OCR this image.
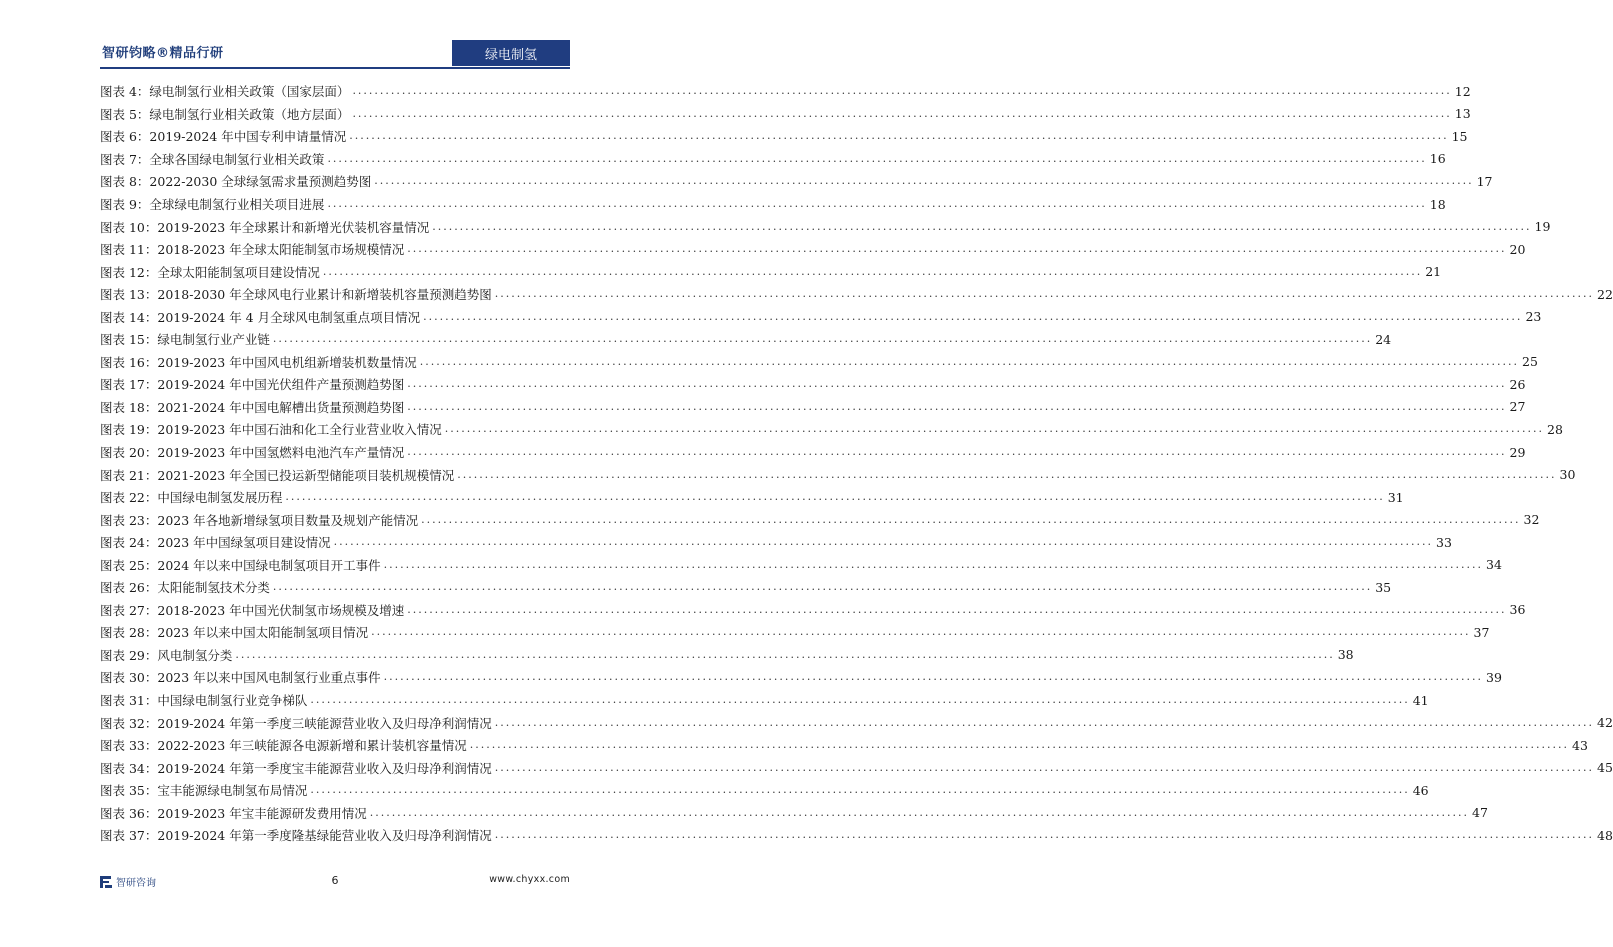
智研钧略®精品行研	绿电制氢
图表 4：绿电制氢行业相关政策（国家层面） ........................................................................................................................................................................................................ 12
图表 5：绿电制氢行业相关政策（地方层面） ........................................................................................................................................................................................................ 13
图表 6：2019-2024 年中国专利申请量情况 ........................................................................................................................................................................................................ 15
图表 7：全球各国绿电制氢行业相关政策 ........................................................................................................................................................................................................ 16
图表 8：2022-2030 全球绿氢需求量预测趋势图 ........................................................................................................................................................................................................ 17
图表 9：全球绿电制氢行业相关项目进展 ........................................................................................................................................................................................................ 18
图表 10：2019-2023 年全球累计和新增光伏装机容量情况 ........................................................................................................................................................................................................ 19
图表 11：2018-2023 年全球太阳能制氢市场规模情况 ........................................................................................................................................................................................................ 20
图表 12：全球太阳能制氢项目建设情况 ........................................................................................................................................................................................................ 21
图表 13：2018-2030 年全球风电行业累计和新增装机容量预测趋势图 ........................................................................................................................................................................................................ 22
图表 14：2019-2024 年 4 月全球风电制氢重点项目情况 ........................................................................................................................................................................................................ 23
图表 15：绿电制氢行业产业链 ........................................................................................................................................................................................................ 24
图表 16：2019-2023 年中国风电机组新增装机数量情况 ........................................................................................................................................................................................................ 25
图表 17：2019-2024 年中国光伏组件产量预测趋势图 ........................................................................................................................................................................................................ 26
图表 18：2021-2024 年中国电解槽出货量预测趋势图 ........................................................................................................................................................................................................ 27
图表 19：2019-2023 年中国石油和化工全行业营业收入情况 ........................................................................................................................................................................................................ 28
图表 20：2019-2023 年中国氢燃料电池汽车产量情况 ........................................................................................................................................................................................................ 29
图表 21：2021-2023 年全国已投运新型储能项目装机规模情况 ........................................................................................................................................................................................................ 30
图表 22：中国绿电制氢发展历程 ........................................................................................................................................................................................................ 31
图表 23：2023 年各地新增绿氢项目数量及规划产能情况 ........................................................................................................................................................................................................ 32
图表 24：2023 年中国绿氢项目建设情况 ........................................................................................................................................................................................................ 33
图表 25：2024 年以来中国绿电制氢项目开工事件 ........................................................................................................................................................................................................ 34
图表 26：太阳能制氢技术分类 ........................................................................................................................................................................................................ 35
图表 27：2018-2023 年中国光伏制氢市场规模及增速 ........................................................................................................................................................................................................ 36
图表 28：2023 年以来中国太阳能制氢项目情况 ........................................................................................................................................................................................................ 37
图表 29：风电制氢分类 ........................................................................................................................................................................................................ 38
图表 30：2023 年以来中国风电制氢行业重点事件 ........................................................................................................................................................................................................ 39
图表 31：中国绿电制氢行业竞争梯队 ........................................................................................................................................................................................................ 41
图表 32：2019-2024 年第一季度三峡能源营业收入及归母净利润情况 ........................................................................................................................................................................................................ 42
图表 33：2022-2023 年三峡能源各电源新增和累计装机容量情况 ........................................................................................................................................................................................................ 43
图表 34：2019-2024 年第一季度宝丰能源营业收入及归母净利润情况 ........................................................................................................................................................................................................ 45
图表 35：宝丰能源绿电制氢布局情况 ........................................................................................................................................................................................................ 46
图表 36：2019-2023 年宝丰能源研发费用情况 ........................................................................................................................................................................................................ 47
图表 37：2019-2024 年第一季度隆基绿能营业收入及归母净利润情况 ........................................................................................................................................................................................................ 48
智研咨询	6	www.chyxx.com
